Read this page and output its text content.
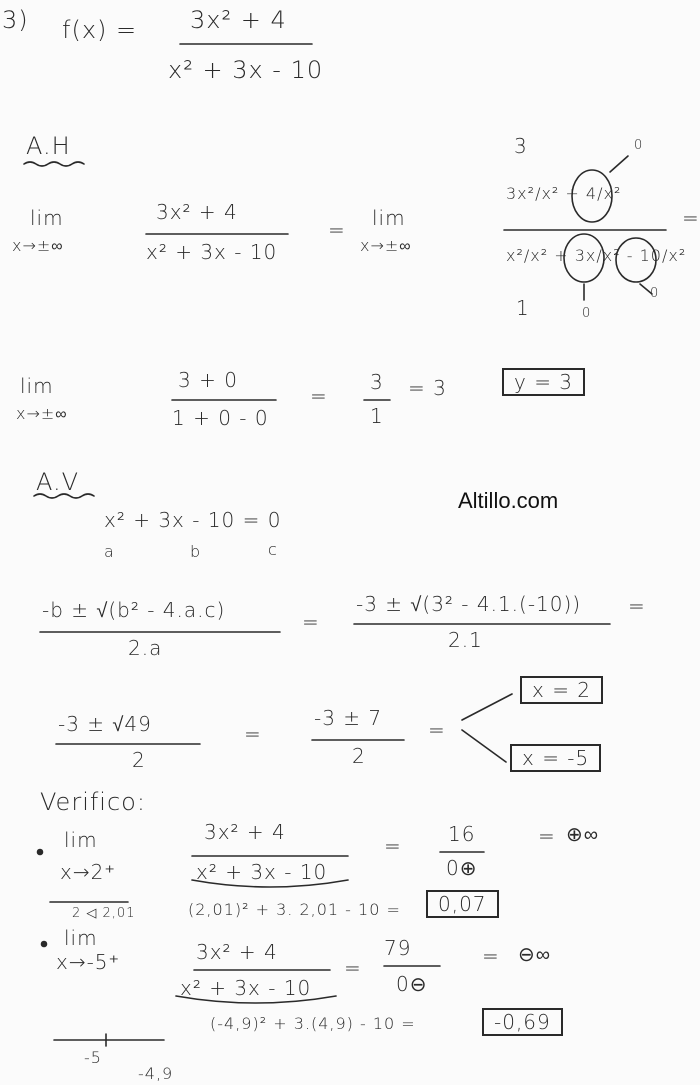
3) f(x) = 3x² + 4
x² + 3x - 10
A.H
lim
x→±∞
3x² + 4
x² + 3x - 10
= lim
x→±∞
3	0
3x²/x² + 4/x²
x²/x² + 3x/x² - 10/x²
1	0
0
=
lim
x→±∞
3 + 0
1 + 0 - 0
=
3
1
= 3	y = 3
A.V
x² + 3x - 10 = 0
a	b	c
Altillo.com
-b ± √(b² - 4.a.c)
2.a
=
-3 ± √(3² - 4.1.(-10))
2.1
=
-3 ± √49
2
=
-3 ± 7
2
=
x = 2
x = -5
Verifico:
lim
x→2⁺
3x² + 4
x² + 3x - 10
= 16
0⊕
= ⊕∞
2 ◁ 2,01	(2,01)² + 3. 2,01 - 10 =	0,07
lim
x→-5⁺	3x² + 4
x² + 3x - 10
=
79
0⊖
= ⊖∞
(-4,9)² + 3.(4,9) - 10 =	-0,69
-5
-4,9
